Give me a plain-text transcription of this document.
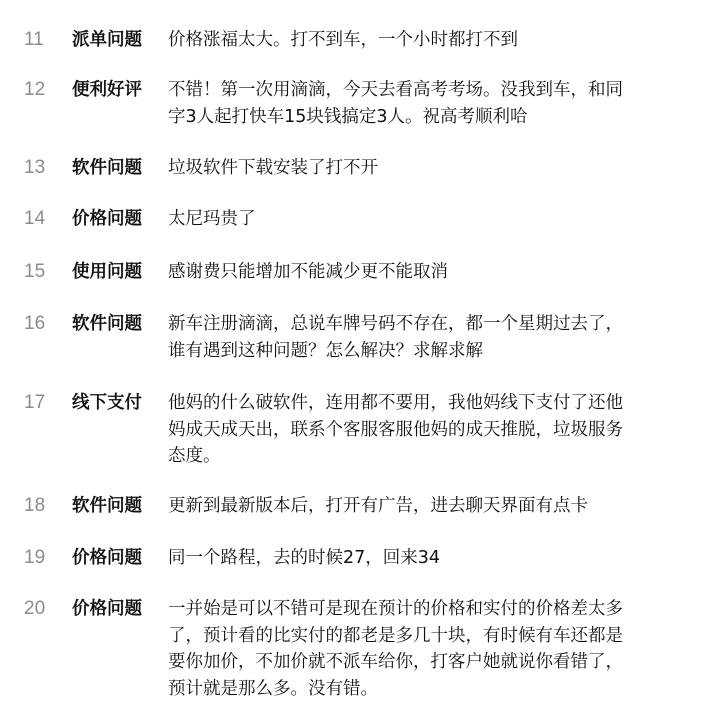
11	派单问题	价格涨福太大。打不到车，一个小时都打不到
12	便利好评	不错！第一次用滴滴，今天去看高考考场。没我到车，和同
字3人起打快车15块钱搞定3人。祝高考顺利哈
13	软件问题	垃圾软件下载安装了打不开
14	价格问题	太尼玛贵了
15	使用问题	感谢费只能增加不能减少更不能取消
16	软件问题	新车注册滴滴，总说车牌号码不存在，都一个星期过去了，
谁有遇到这种问题？怎么解决？求解求解
17	线下支付	他妈的什么破软件，连用都不要用，我他妈线下支付了还他
妈成天成天出，联系个客服客服他妈的成天推脱，垃圾服务
态度。
18	软件问题	更新到最新版本后，打开有广告，进去聊天界面有点卡
19	价格问题	同一个路程，去的时候27，回来34
20	价格问题	一并始是可以不错可是现在预计的价格和实付的价格差太多
了，预计看的比实付的都老是多几十块，有时候有车还都是
要你加价，不加价就不派车给你，打客户她就说你看错了，
预计就是那么多。没有错。
